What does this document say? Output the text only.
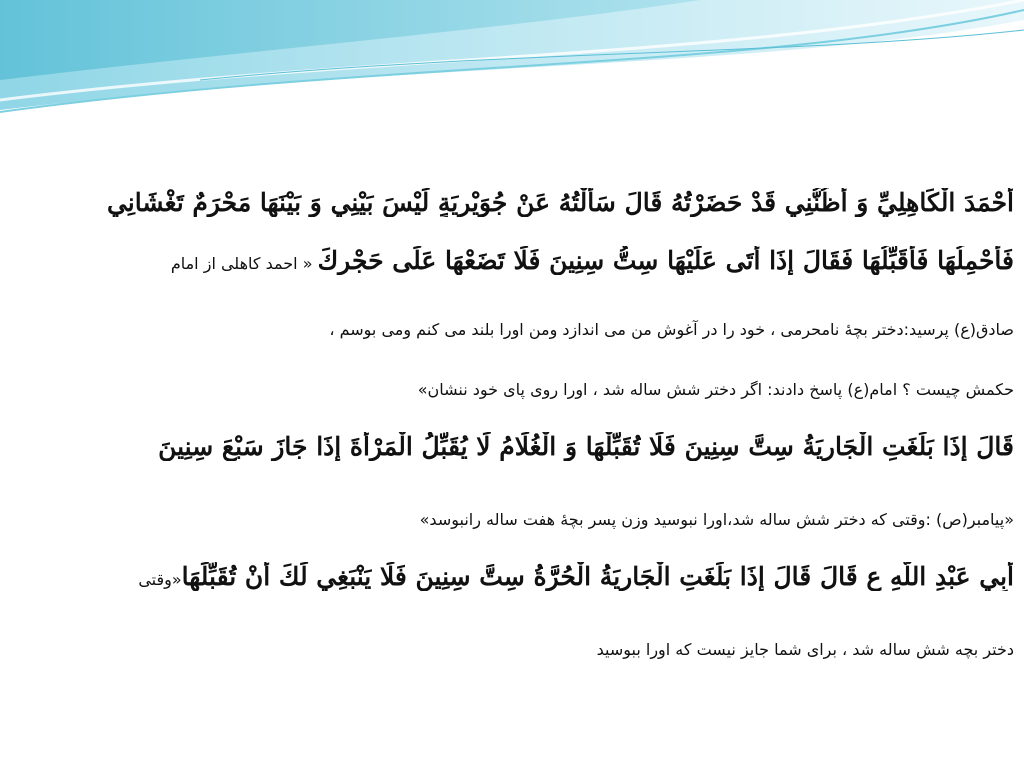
أَحْمَدَ الْكَاهِلِيِّ وَ أَظُنُّنِي قَدْ حَضَرْتُهُ قَالَ سَأَلْتُهُ عَنْ جُوَيْرِيَةٍ لَيْسَ بَيْنِي وَ بَيْنَهَا مَحْرَمٌ تَغْشَانِي
فَأَحْمِلُهَا فَأُقَبِّلُهَا فَقَالَ إِذَا أَتَى عَلَيْهَا سِتُّ سِنِينَ فَلَا تَضَعْهَا عَلَى حَجْرِكَ « احمد کاهلی از امام
صادق(ع) پرسید:دختر بچۀ نامحرمی ، خود را در آغوش من می اندازد ومن اورا بلند می کنم ومی بوسم ،
حکمش چیست ؟ امام(ع) پاسخ دادند: اگر دختر شش ساله شد ، اورا روی پای خود ننشان»
قَالَ إِذَا بَلَغَتِ الْجَارِيَةُ سِتَّ سِنِينَ فَلَا تُقَبِّلْهَا وَ الْغُلَامُ لَا يُقَبِّلُ الْمَرْأَةَ إِذَا جَازَ سَبْعَ سِنِينَ
«پیامبر(ص) :وقتی که دختر شش ساله شد،اورا نبوسید وزن پسر بچۀ هفت ساله رانبوسد»
أَبِي عَبْدِ اللَّهِ ع قَالَ قَالَ إِذَا بَلَغَتِ الْجَارِيَةُ الْحُرَّةُ سِتَّ سِنِينَ فَلَا يَنْبَغِي لَكَ أَنْ تُقَبِّلَهَا«وقتی
دختر بچه شش ساله شد ، برای شما جایز نیست که اورا ببوسید
